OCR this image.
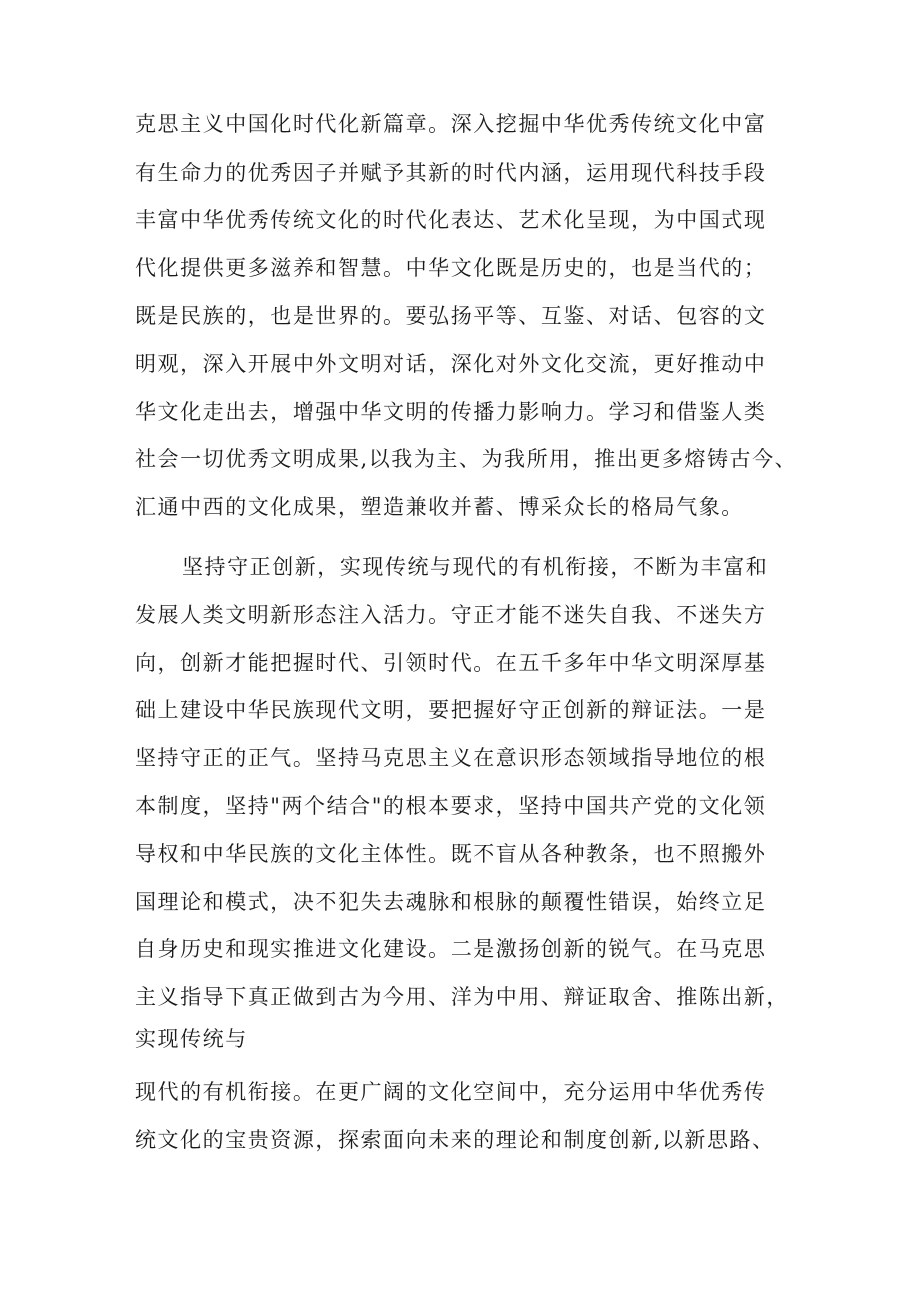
克思主义中国化时代化新篇章。深入挖掘中华优秀传统文化中富
有生命力的优秀因子并赋予其新的时代内涵，运用现代科技手段
丰富中华优秀传统文化的时代化表达、艺术化呈现，为中国式现
代化提供更多滋养和智慧。中华文化既是历史的，也是当代的；
既是民族的，也是世界的。要弘扬平等、互鉴、对话、包容的文
明观，深入开展中外文明对话，深化对外文化交流，更好推动中
华文化走出去，增强中华文明的传播力影响力。学习和借鉴人类
社会一切优秀文明成果,以我为主、为我所用，推出更多熔铸古今、
汇通中西的文化成果，塑造兼收并蓄、博采众长的格局气象。
坚持守正创新，实现传统与现代的有机衔接，不断为丰富和
发展人类文明新形态注入活力。守正才能不迷失自我、不迷失方
向，创新才能把握时代、引领时代。在五千多年中华文明深厚基
础上建设中华民族现代文明，要把握好守正创新的辩证法。一是
坚持守正的正气。坚持马克思主义在意识形态领域指导地位的根
本制度，坚持"两个结合"的根本要求，坚持中国共产党的文化领
导权和中华民族的文化主体性。既不盲从各种教条，也不照搬外
国理论和模式，决不犯失去魂脉和根脉的颠覆性错误，始终立足
自身历史和现实推进文化建设。二是激扬创新的锐气。在马克思
主义指导下真正做到古为今用、洋为中用、辩证取舍、推陈出新，
实现传统与
现代的有机衔接。在更广阔的文化空间中，充分运用中华优秀传
统文化的宝贵资源，探索面向未来的理论和制度创新,以新思路、
